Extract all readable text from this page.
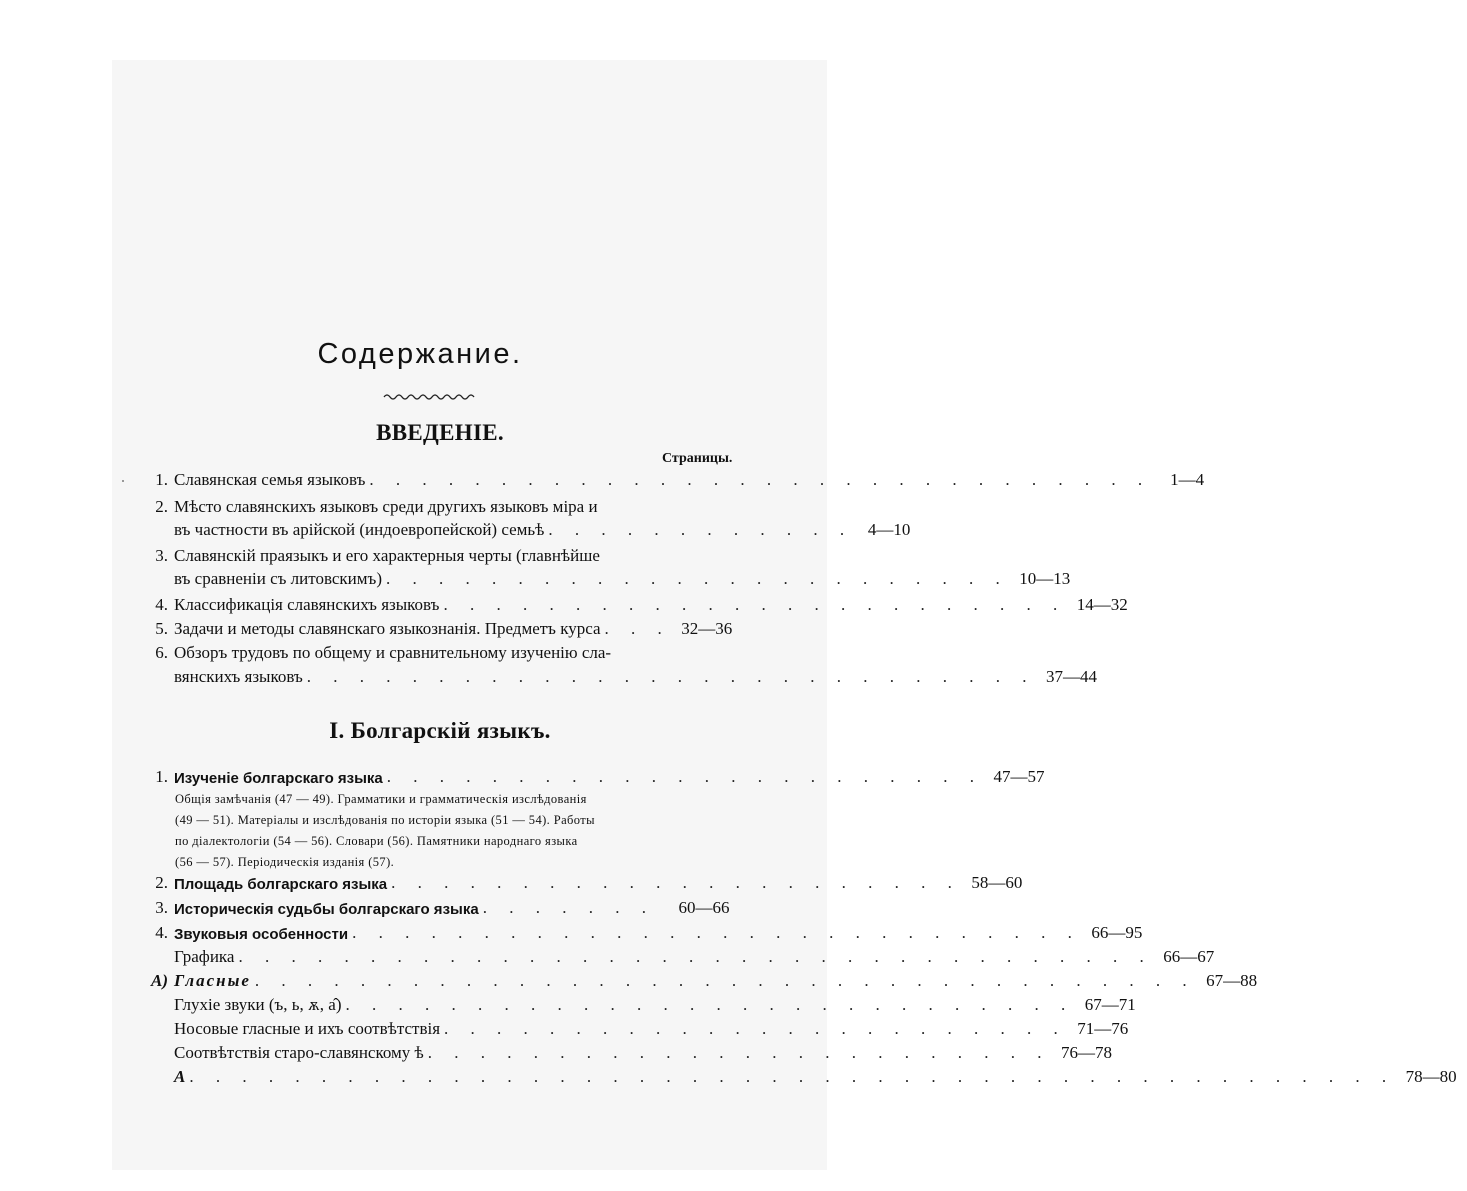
Содержание.
ВВЕДЕНІЕ.
Страницы.
1. Славянская семья языковъ . . . . . . . . . . . . . . . . . . . . . . . . . . . . . .	1—4
2. Мѣсто славянскихъ языковъ среди другихъ языковъ міра и
въ частности въ арійской (индоевропейской) семьѣ . . . . . . . . . . . . 4—10
3. Славянскій праязыкъ и его характерныя черты (главнѣйше
въ сравненіи съ литовскимъ) . . . . . . . . . . . . . . . . . . . . . . . . 10—13
4. Классификація славянскихъ языковъ . . . . . . . . . . . . . . . . . . . . . . . . 14—32
5. Задачи и методы славянскаго языкознанія. Предметъ курса . . . 32—36
6. Обзоръ трудовъ по общему и сравнительному изученію сла-
вянскихъ языковъ . . . . . . . . . . . . . . . . . . . . . . . . . . . . 37—44
I. Болгарскій языкъ.
1. Изученіе болгарскаго языка . . . . . . . . . . . . . . . . . . . . . . . 47—57
Общія замѣчанія (47 — 49). Грамматики и грамматическія изслѣдованія
(49 — 51). Матеріалы и изслѣдованія по исторіи языка (51 — 54). Работы
по діалектологіи (54 — 56). Словари (56). Памятники народнаго языка
(56 — 57). Періодическія изданія (57).
2. Площадь болгарскаго языка . . . . . . . . . . . . . . . . . . . . . . 58—60
3. Историческія судьбы болгарскаго языка . . . . . . .	60—66
4. Звуковыя особенности . . . . . . . . . . . . . . . . . . . . . . . . . . . . 66—95
Графика . . . . . . . . . . . . . . . . . . . . . . . . . . . . . . . . . . . 66—67
А) Гласные . . . . . . . . . . . . . . . . . . . . . . . . . . . . . . . . . . . . 67—88
Глухіе звуки (ъ, ь, ѫ, а̂) . . . . . . . . . . . . . . . . . . . . . . . . . . . . 67—71
Носовые гласные и ихъ соотвѣтствія . . . . . . . . . . . . . . . . . . . . . . . . 71—76
Соотвѣтствія старо-славянскому ѣ . . . . . . . . . . . . . . . . . . . . . . . . 76—78
А . . . . . . . . . . . . . . . . . . . . . . . . . . . . . . . . . . . . . . . . . . . . . . 78—80
